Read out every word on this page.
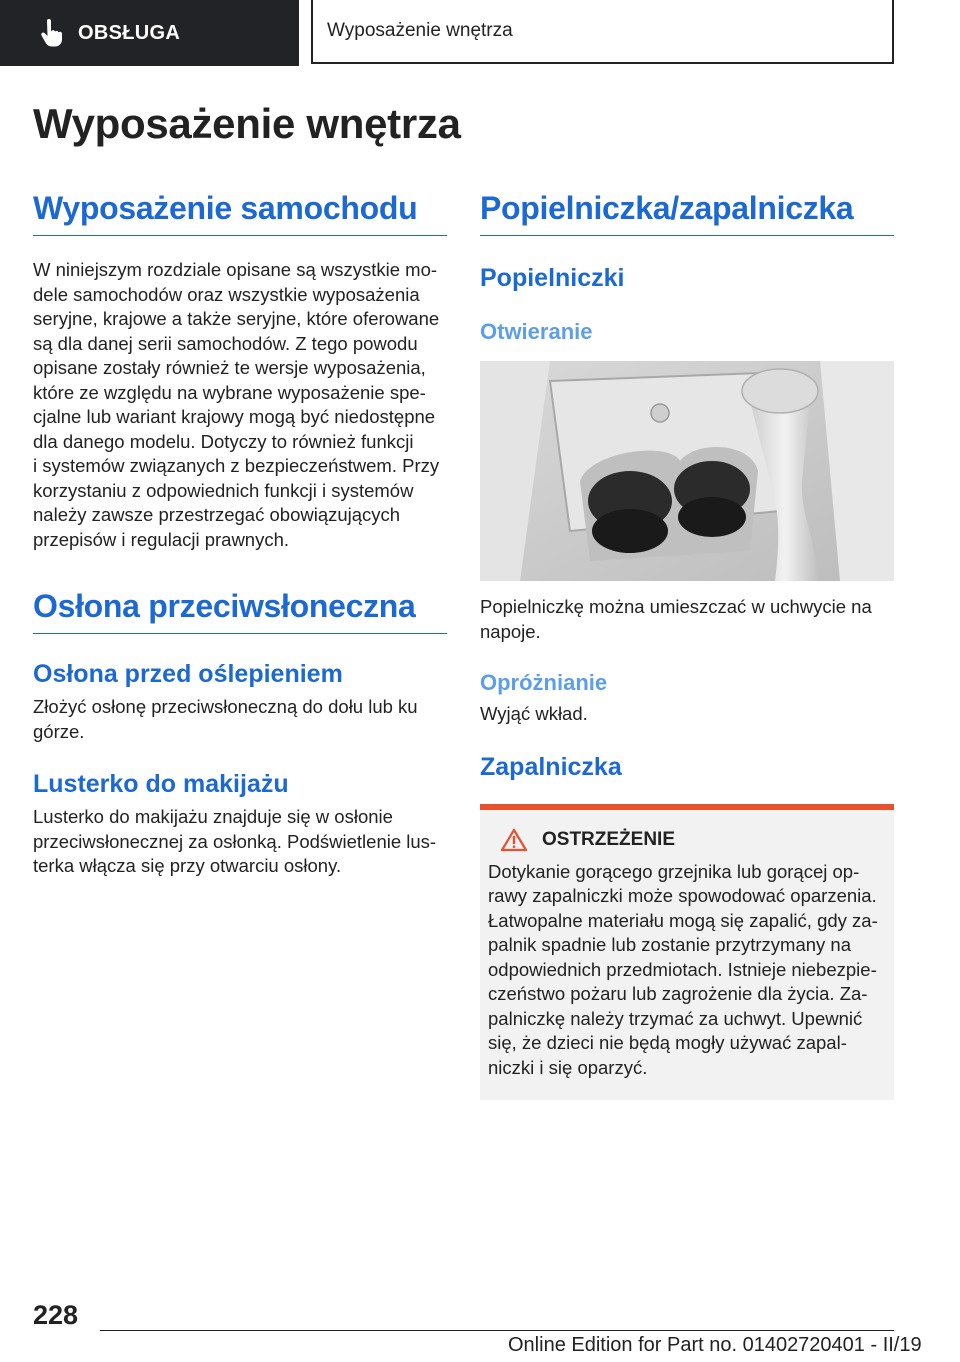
OBSŁUGA	Wyposażenie wnętrza
Wyposażenie wnętrza
Wyposażenie samochodu

W niniejszym rozdziale opisane są wszystkie mo-
dele samochodów oraz wszystkie wyposażenia
seryjne, krajowe a także seryjne, które oferowane
są dla danej serii samochodów. Z tego powodu
opisane zostały również te wersje wyposażenia,
które ze względu na wybrane wyposażenie spe-
cjalne lub wariant krajowy mogą być niedostępne
dla danego modelu. Dotyczy to również funkcji
i systemów związanych z bezpieczeństwem. Przy
korzystaniu z odpowiednich funkcji i systemów
należy zawsze przestrzegać obowiązujących
przepisów i regulacji prawnych.

Osłona przeciwsłoneczna
Osłona przed oślepieniem

Złożyć osłonę przeciwsłoneczną do dołu lub ku
górze.

Lusterko do makijażu

Lusterko do makijażu znajduje się w osłonie
przeciwsłonecznej za osłonką. Podświetlenie lus-
terka włącza się przy otwarciu osłony.

Popielniczka/zapalniczka
Popielniczki
Otwieranie

Popielniczkę można umieszczać w uchwycie na
napoje.

Opróżnianie

Wyjąć wkład.

Zapalniczka
OSTRZEŻENIE

Dotykanie gorącego grzejnika lub gorącej op-
rawy zapalniczki może spowodować oparzenia.
Łatwopalne materiału mogą się zapalić, gdy za-
palnik spadnie lub zostanie przytrzymany na
odpowiednich przedmiotach. Istnieje niebezpie-
czeństwo pożaru lub zagrożenie dla życia. Za-
palniczkę należy trzymać za uchwyt. Upewnić
się, że dzieci nie będą mogły używać zapal-
niczki i się oparzyć.

228
Online Edition for Part no. 01402720401 - II/19
